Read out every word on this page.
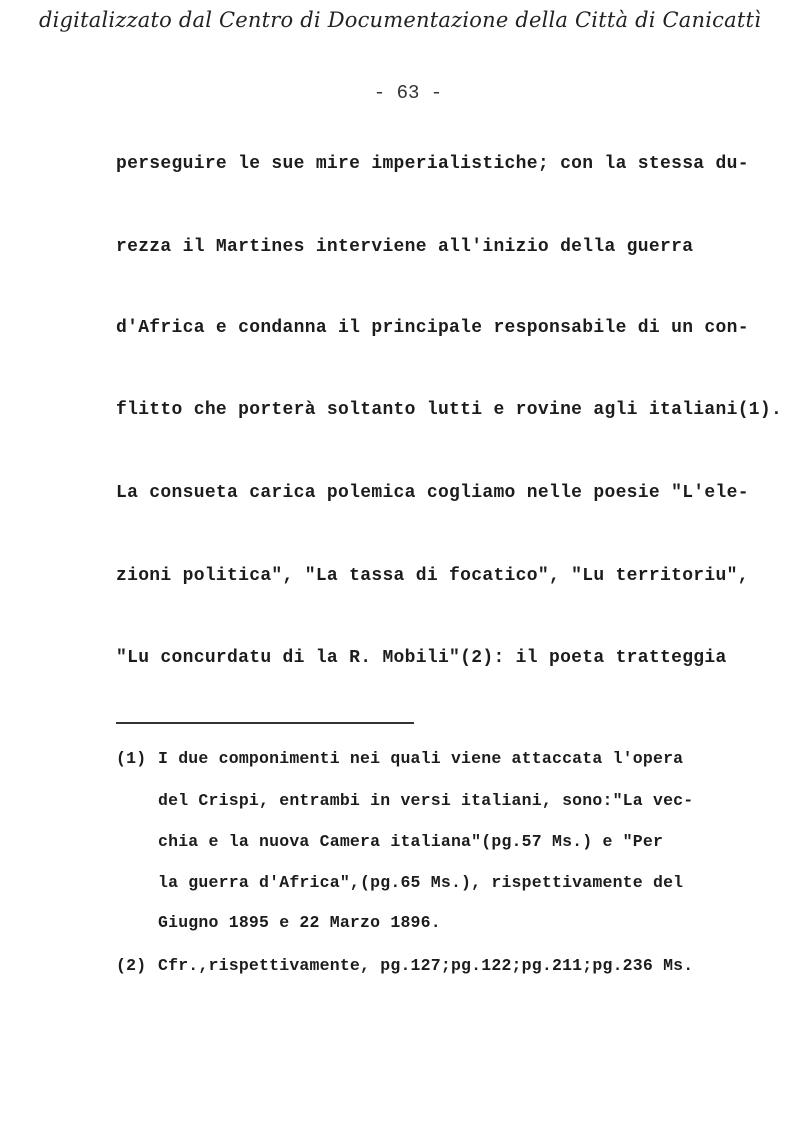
digitalizzato dal Centro di Documentazione della Città di Canicattì
- 63 -
perseguire le sue mire imperialistiche; con la stessa du-
rezza il Martines interviene all'inizio della guerra
d'Africa e condanna il principale responsabile di un con-
flitto che porterà soltanto lutti e rovine agli italiani(1).
La consueta carica polemica cogliamo nelle poesie "L'ele-
zioni politica", "La tassa di focatico", "Lu territoriu",
"Lu concurdatu di la R. Mobili"(2): il poeta tratteggia
(1) I due componimenti nei quali viene attaccata l'opera
del Crispi, entrambi in versi italiani, sono:"La vec-
chia e la nuova Camera italiana"(pg.57 Ms.) e "Per
la guerra d'Africa",(pg.65 Ms.), rispettivamente del
Giugno 1895 e 22 Marzo 1896.
(2) Cfr.,rispettivamente, pg.127;pg.122;pg.211;pg.236 Ms.
